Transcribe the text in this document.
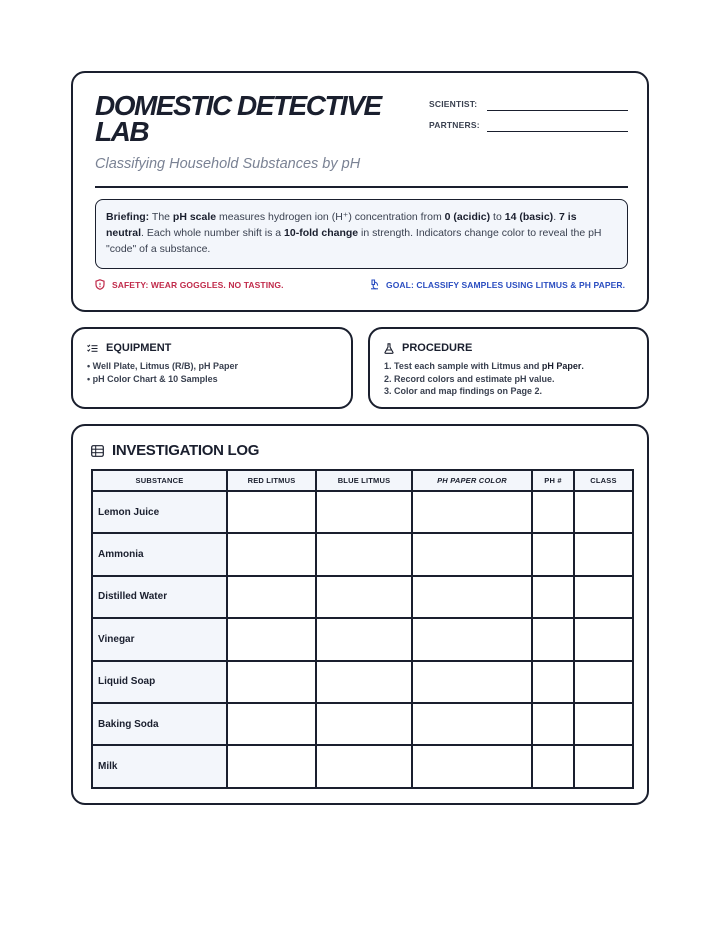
DOMESTIC DETECTIVE LAB
Classifying Household Substances by pH
SCIENTIST:
PARTNERS:
Briefing: The pH scale measures hydrogen ion (H⁺) concentration from 0 (acidic) to 14 (basic). 7 is neutral. Each whole number shift is a 10-fold change in strength. Indicators change color to reveal the pH "code" of a substance.
SAFETY: WEAR GOGGLES. NO TASTING.	GOAL: CLASSIFY SAMPLES USING LITMUS & PH PAPER.
EQUIPMENT
• Well Plate, Litmus (R/B), pH Paper
• pH Color Chart & 10 Samples
PROCEDURE
1. Test each sample with Litmus and pH Paper.
2. Record colors and estimate pH value.
3. Color and map findings on Page 2.
INVESTIGATION LOG
SUBSTANCE	RED LITMUS	BLUE LITMUS	PH PAPER COLOR	PH #	CLASS
Lemon Juice					
Ammonia					
Distilled Water					
Vinegar					
Liquid Soap					
Baking Soda					
Milk					
